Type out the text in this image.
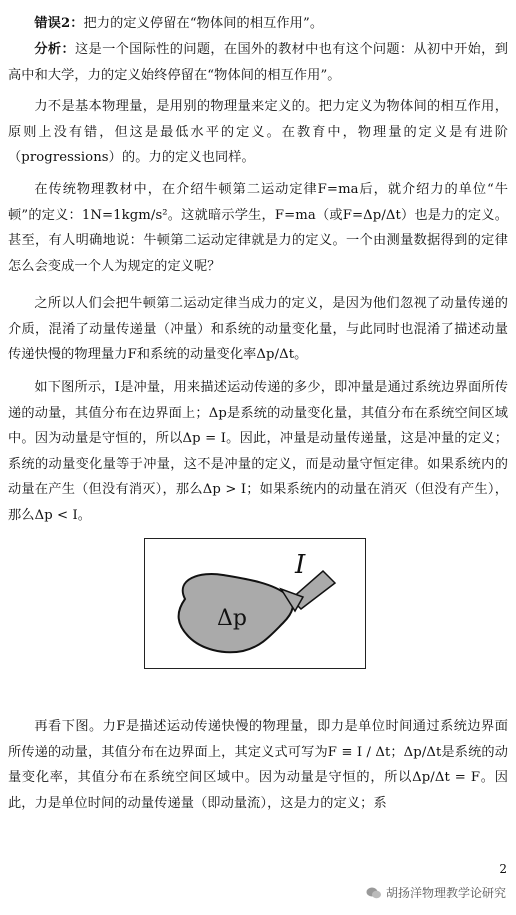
错误2：把力的定义停留在“物体间的相互作用”。
分析：这是一个国际性的问题，在国外的教材中也有这个问题：从初中开始，到高中和大学，力的定义始终停留在“物体间的相互作用”。
力不是基本物理量，是用别的物理量来定义的。把力定义为物体间的相互作用，原则上没有错，但这是最低水平的定义。在教育中，物理量的定义是有进阶（progressions）的。力的定义也同样。
在传统物理教材中，在介绍牛顿第二运动定律F=ma后，就介绍力的单位“牛顿”的定义：1N=1kgm/s²。这就暗示学生，F=ma（或F=Δp/Δt）也是力的定义。甚至，有人明确地说：牛顿第二运动定律就是力的定义。一个由测量数据得到的定律怎么会变成一个人为规定的定义呢？
之所以人们会把牛顿第二运动定律当成力的定义，是因为他们忽视了动量传递的介质，混淆了动量传递量（冲量）和系统的动量变化量，与此同时也混淆了描述动量传递快慢的物理量力F和系统的动量变化率Δp/Δt。
如下图所示，I是冲量，用来描述运动传递的多少，即冲量是通过系统边界面所传递的动量，其值分布在边界面上；Δp是系统的动量变化量，其值分布在系统空间区域中。因为动量是守恒的，所以Δp = I。因此，冲量是动量传递量，这是冲量的定义；系统的动量变化量等于冲量，这不是冲量的定义，而是动量守恒定律。如果系统内的动量在产生（但没有消灭），那么Δp > I；如果系统内的动量在消灭（但没有产生），那么Δp < I。
I
Δp
再看下图。力F是描述运动传递快慢的物理量，即力是单位时间通过系统边界面所传递的动量，其值分布在边界面上，其定义式可写为F ≡ I / Δt；Δp/Δt是系统的动量变化率，其值分布在系统空间区域中。因为动量是守恒的，所以Δp/Δt = F。因此，力是单位时间的动量传递量（即动量流），这是力的定义；系
2
胡扬洋物理教学论研究
